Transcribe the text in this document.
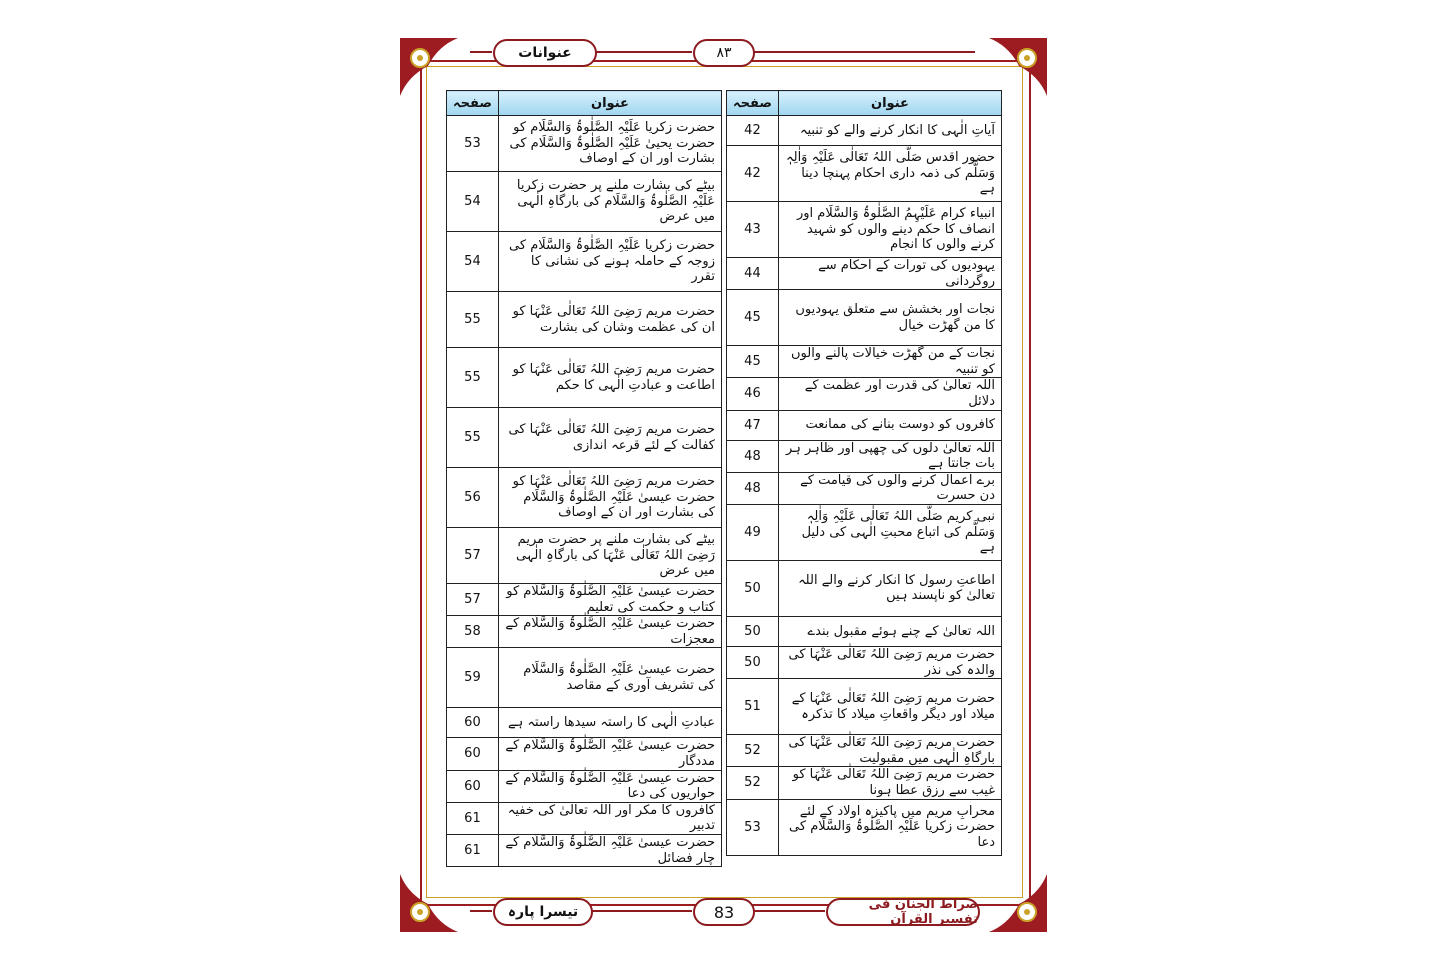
عنوانات	۸۳
عنوان	صفحہ

آیاتِ الٰہی کا انکار کرنے والے کو تنبیہ	42

حضور اقدس صَلَّی اللہُ تَعَالٰی عَلَیْہِ وَاٰلِہٖ وَسَلَّم کی ذمہ داری احکام پہنچا دینا ہے	42

انبیاء کرام عَلَیْہِمُ الصَّلٰوۃُ وَالسَّلَام اور انصاف کا حکم دینے والوں کو شہید کرنے والوں کا انجام	43

یہودیوں کی تورات کے احکام سے روگردانی	44

نجات اور بخشش سے متعلق یہودیوں کا من گھڑت خیال	45

نجات کے من گھڑت خیالات پالنے والوں کو تنبیہ	45

اللہ تعالیٰ کی قدرت اور عظمت کے دلائل	46

کافروں کو دوست بنانے کی ممانعت	47

اللہ تعالیٰ دلوں کی چھپی اور ظاہر ہر بات جانتا ہے	48

برے اعمال کرنے والوں کی قیامت کے دن حسرت	48

نبی کریم صَلَّی اللہُ تَعَالٰی عَلَیْہِ وَاٰلِہٖ وَسَلَّم کی اتباع محبتِ الٰہی کی دلیل ہے	49

اطاعتِ رسول کا انکار کرنے والے اللہ تعالیٰ کو ناپسند ہیں	50

اللہ تعالیٰ کے چنے ہوئے مقبول بندے	50

حضرت مریم رَضِیَ اللہُ تَعَالٰی عَنْہَا کی والدہ کی نذر	50

حضرت مریم رَضِیَ اللہُ تَعَالٰی عَنْہَا کے میلاد اور دیگر واقعاتِ میلاد کا تذکرہ	51

حضرت مریم رَضِیَ اللہُ تَعَالٰی عَنْہَا کی بارگاہِ الٰہی میں مقبولیت	52

حضرت مریم رَضِیَ اللہُ تَعَالٰی عَنْہَا کو غیب سے رزق عطا ہونا	52

محرابِ مریم میں پاکیزہ اولاد کے لئے حضرت زکریا عَلَیْہِ الصَّلٰوۃُ وَالسَّلَام کی دعا	53
عنوان	صفحہ

حضرت زکریا عَلَیْہِ الصَّلٰوۃُ وَالسَّلَام کو حضرت یحییٰ عَلَیْہِ الصَّلٰوۃُ وَالسَّلَام کی بشارت اور ان کے اوصاف	53

بیٹے کی بشارت ملنے پر حضرت زکریا عَلَیْہِ الصَّلٰوۃُ وَالسَّلَام کی بارگاہِ الٰہی میں عرض	54

حضرت زکریا عَلَیْہِ الصَّلٰوۃُ وَالسَّلَام کی زوجہ کے حاملہ ہونے کی نشانی کا تقرر	54

حضرت مریم رَضِیَ اللہُ تَعَالٰی عَنْہَا کو ان کی عظمت وشان کی بشارت	55

حضرت مریم رَضِیَ اللہُ تَعَالٰی عَنْہَا کو اطاعت و عبادتِ الٰہی کا حکم	55

حضرت مریم رَضِیَ اللہُ تَعَالٰی عَنْہَا کی کفالت کے لئے قرعہ اندازی	55

حضرت مریم رَضِیَ اللہُ تَعَالٰی عَنْہَا کو حضرت عیسیٰ عَلَیْہِ الصَّلٰوۃُ وَالسَّلَام کی بشارت اور ان کے اوصاف	56

بیٹے کی بشارت ملنے پر حضرت مریم رَضِیَ اللہُ تَعَالٰی عَنْہَا کی بارگاہِ الٰہی میں عرض	57

حضرت عیسیٰ عَلَیْہِ الصَّلٰوۃُ وَالسَّلَام کو کتاب و حکمت کی تعلیم	57

حضرت عیسیٰ عَلَیْہِ الصَّلٰوۃُ وَالسَّلَام کے معجزات	58

حضرت عیسیٰ عَلَیْہِ الصَّلٰوۃُ وَالسَّلَام کی تشریف آوری کے مقاصد	59

عبادتِ الٰہی کا راستہ سیدھا راستہ ہے	60

حضرت عیسیٰ عَلَیْہِ الصَّلٰوۃُ وَالسَّلَام کے مددگار	60

حضرت عیسیٰ عَلَیْہِ الصَّلٰوۃُ وَالسَّلَام کے حواریوں کی دعا	60

کافروں کا مکر اور اللہ تعالیٰ کی خفیہ تدبیر	61

حضرت عیسیٰ عَلَیْہِ الصَّلٰوۃُ وَالسَّلَام کے چار فضائل	61
تیسرا پارہ	83	صراط الجنان فی تفسیر القرآن
